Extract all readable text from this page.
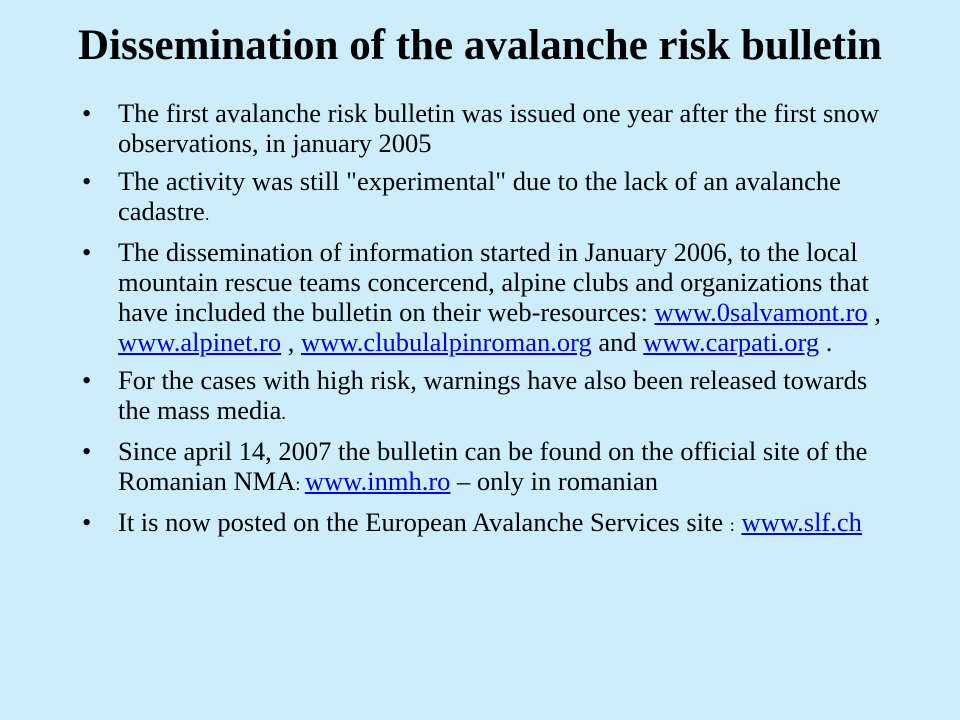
Dissemination of the avalanche risk bulletin
• The first avalanche risk bulletin was issued one year after the first snow observations, in january 2005
• The activity was still "experimental" due to the lack of an avalanche cadastre.
• The dissemination of information started in January 2006, to the local mountain rescue teams concercend, alpine clubs and organizations that have included the bulletin on their web-resources: www.0salvamont.ro , www.alpinet.ro , www.clubulalpinroman.org and www.carpati.org .
• For the cases with high risk, warnings have also been released towards the mass media.
• Since april 14, 2007 the bulletin can be found on the official site of the Romanian NMA: www.inmh.ro – only in romanian
• It is now posted on the European Avalanche Services site : www.slf.ch
